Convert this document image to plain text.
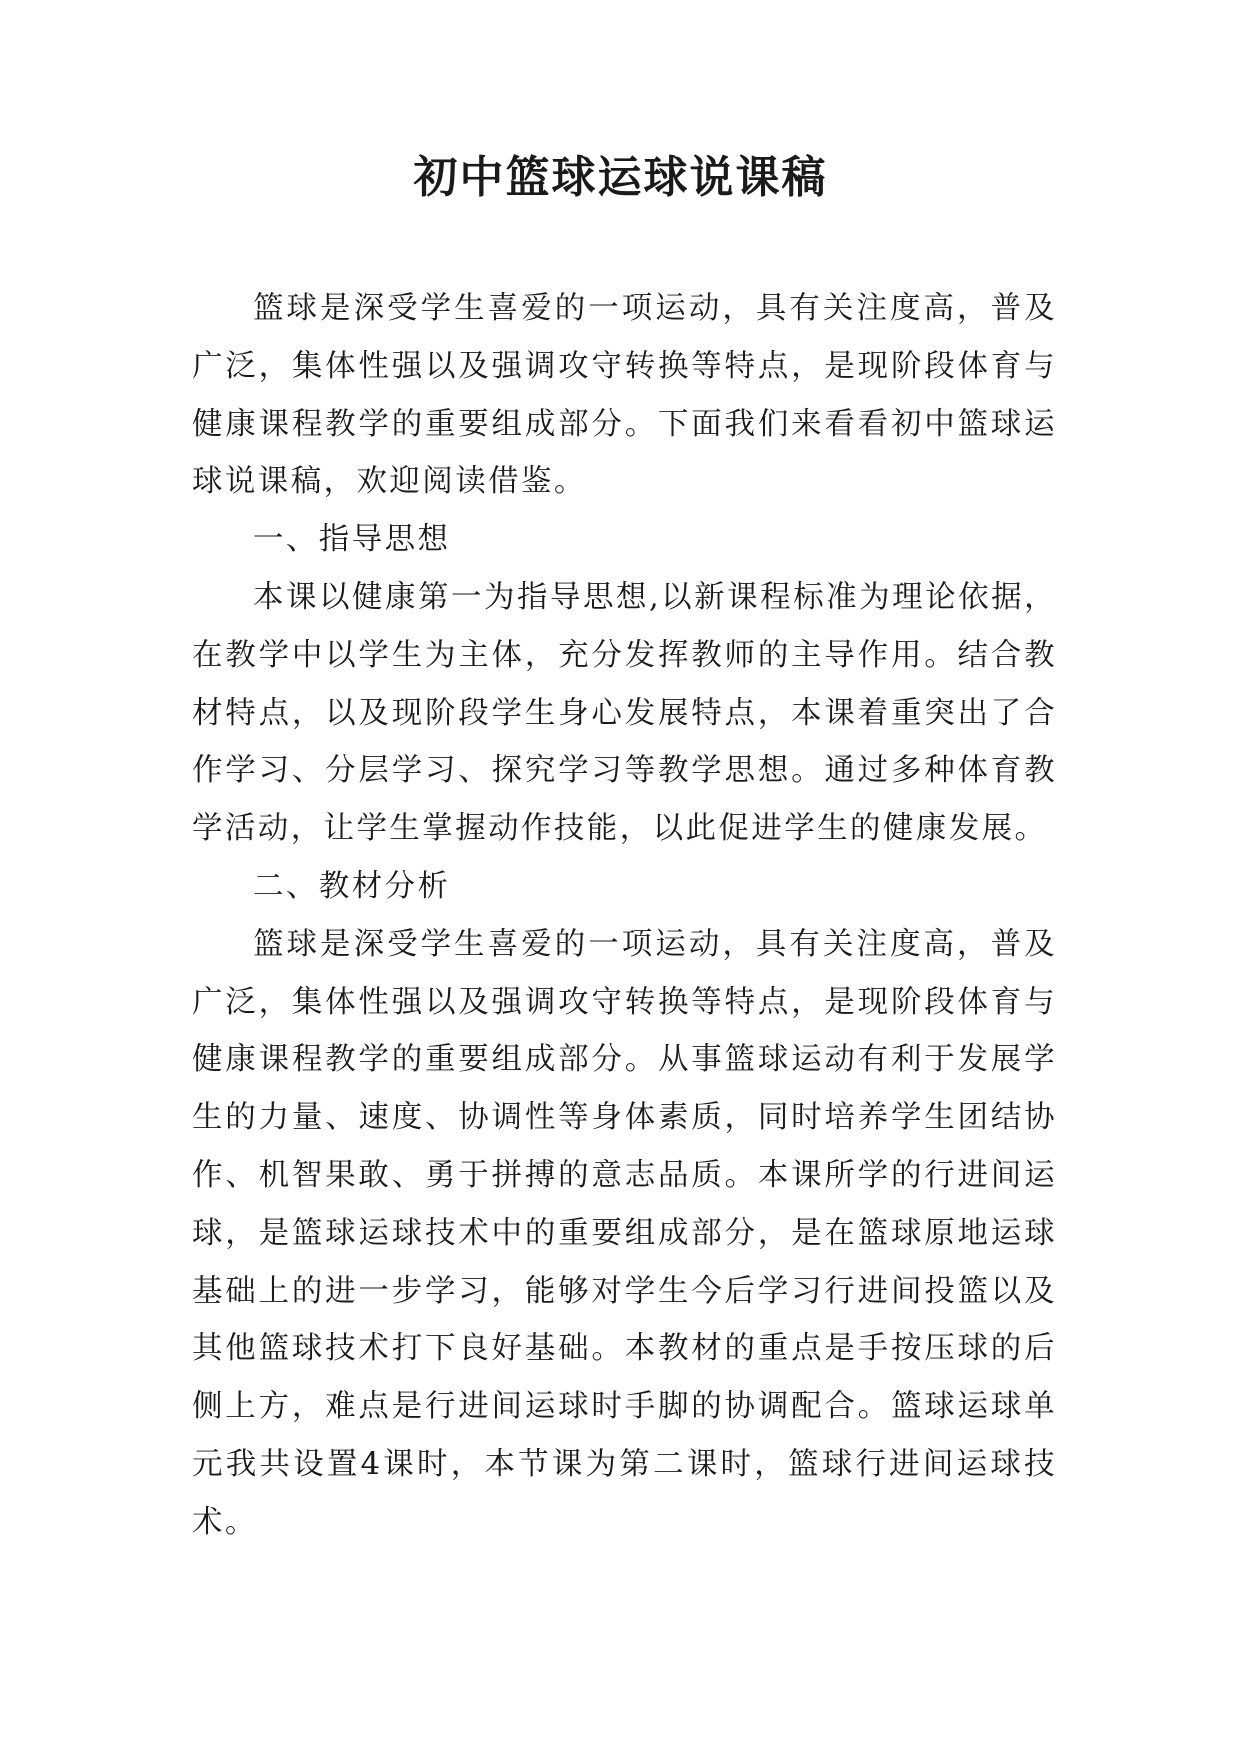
初中篮球运球说课稿

篮球是深受学生喜爱的一项运动，具有关注度高，普及广泛，集体性强以及强调攻守转换等特点，是现阶段体育与健康课程教学的重要组成部分。下面我们来看看初中篮球运球说课稿，欢迎阅读借鉴。

一、指导思想

本课以健康第一为指导思想,以新课程标准为理论依据，在教学中以学生为主体，充分发挥教师的主导作用。结合教材特点，以及现阶段学生身心发展特点，本课着重突出了合作学习、分层学习、探究学习等教学思想。通过多种体育教学活动，让学生掌握动作技能，以此促进学生的健康发展。

二、教材分析

篮球是深受学生喜爱的一项运动，具有关注度高，普及广泛，集体性强以及强调攻守转换等特点，是现阶段体育与健康课程教学的重要组成部分。从事篮球运动有利于发展学生的力量、速度、协调性等身体素质，同时培养学生团结协作、机智果敢、勇于拼搏的意志品质。本课所学的行进间运球，是篮球运球技术中的重要组成部分，是在篮球原地运球基础上的进一步学习，能够对学生今后学习行进间投篮以及其他篮球技术打下良好基础。本教材的重点是手按压球的后侧上方，难点是行进间运球时手脚的协调配合。篮球运球单元我共设置4课时，本节课为第二课时，篮球行进间运球技术。
